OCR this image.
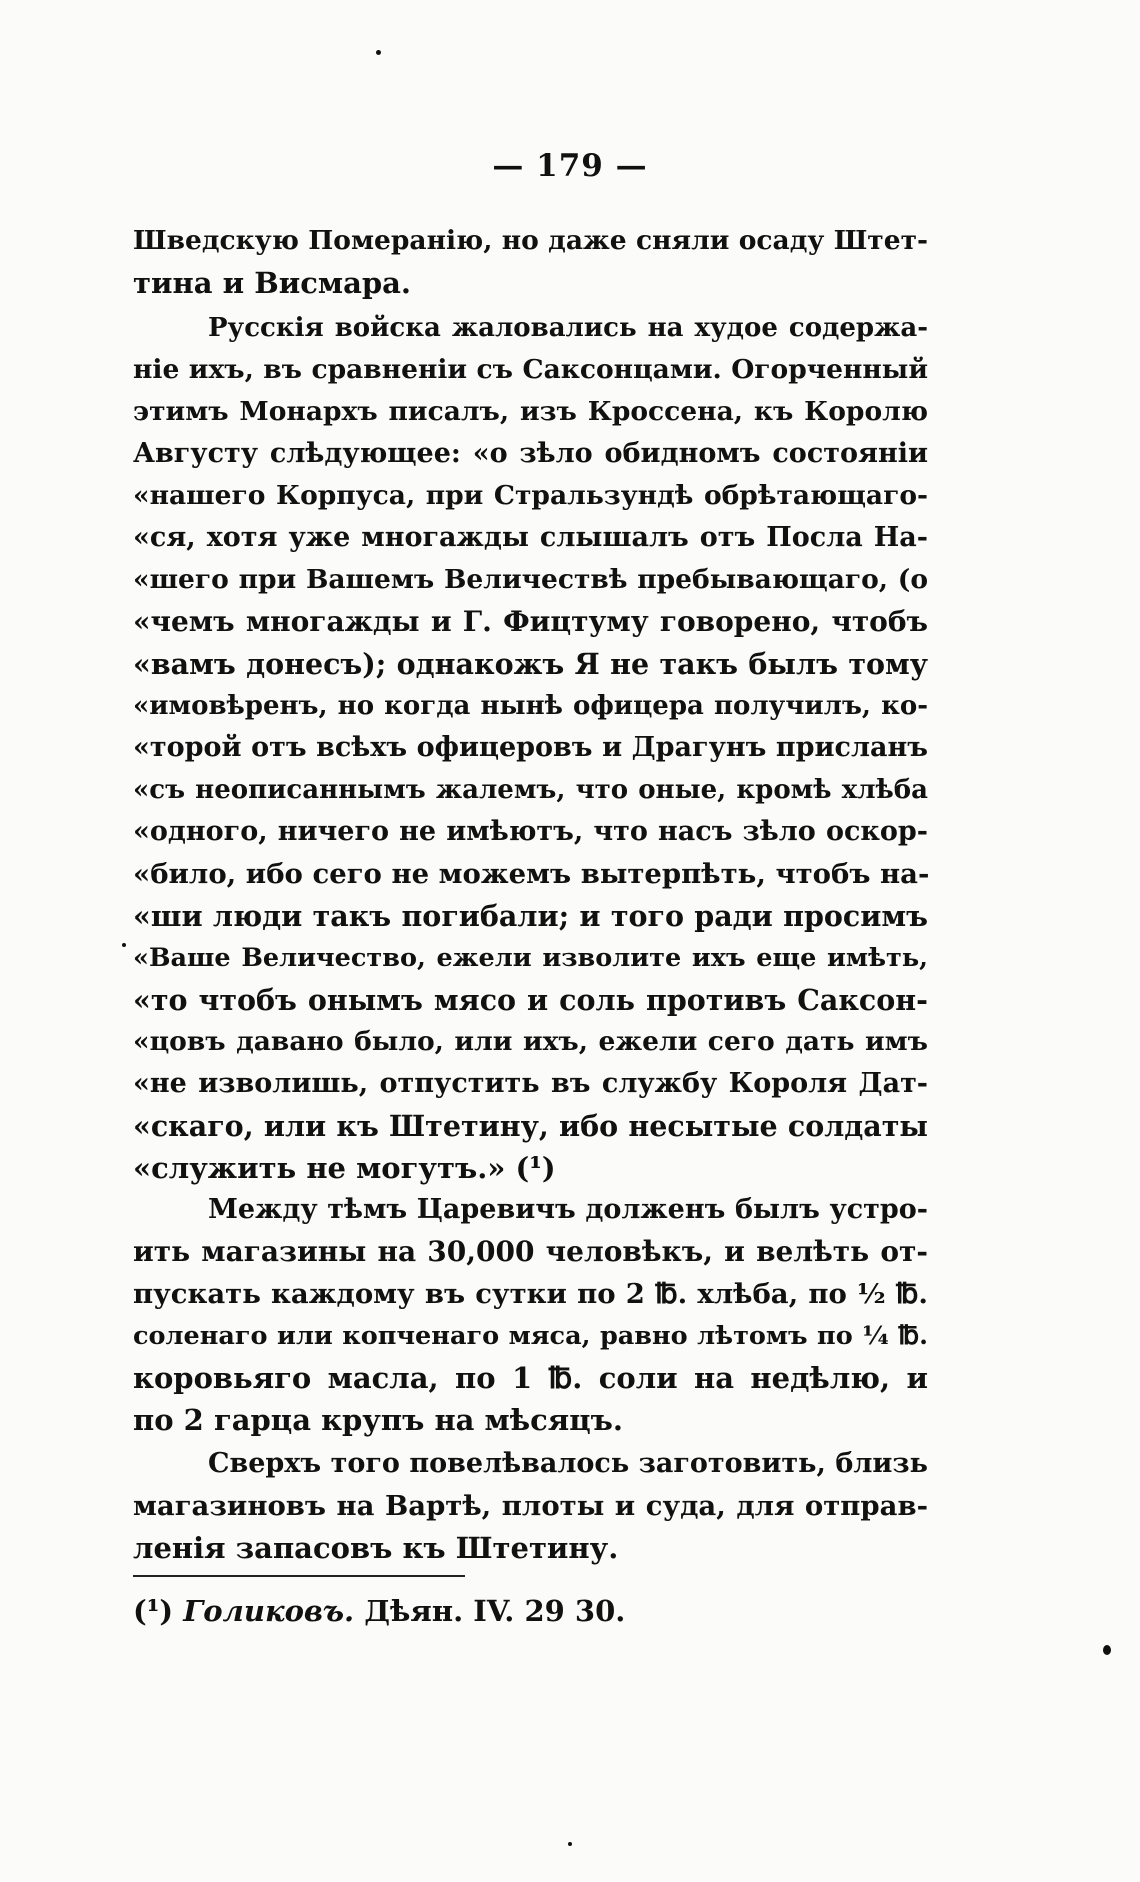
— 179 —
Шведскую Померанію, но даже сняли осаду Штет-
тина и Висмара.
Русскія войска жаловались на худое содержа-
ніе ихъ, въ сравненіи съ Саксонцами. Огорченный
этимъ Монархъ писалъ, изъ Кроссена, къ Королю
Августу слѣдующее: «о зѣло обидномъ состояніи
«нашего Корпуса, при Стральзундѣ обрѣтающаго-
«ся, хотя уже многажды слышалъ отъ Посла На-
«шего при Вашемъ Величествѣ пребывающаго, (о
«чемъ многажды и Г. Фицтуму говорено, чтобъ
«вамъ донесъ); однакожъ Я не такъ былъ тому
«имовѣренъ, но когда нынѣ офицера получилъ, ко-
«торой отъ всѣхъ офицеровъ и Драгунъ присланъ
«съ неописаннымъ жалемъ, что оные, кромѣ хлѣба
«одного, ничего не имѣютъ, что насъ зѣло оскор-
«било, ибо сего не можемъ вытерпѣть, чтобъ на-
«ши люди такъ погибали; и того ради просимъ
«Ваше Величество, ежели изволите ихъ еще имѣть,
«то чтобъ онымъ мясо и соль противъ Саксон-
«цовъ давано было, или ихъ, ежели сего дать имъ
«не изволишь, отпустить въ службу Короля Дат-
«скаго, или къ Штетину, ибо несытые солдаты
«служить не могутъ.» (¹)
Между тѣмъ Царевичъ долженъ былъ устро-
ить магазины на 30,000 человѣкъ, и велѣть от-
пускать каждому въ сутки по 2 ℔. хлѣба, по ½ ℔.
соленаго или копченаго мяса, равно лѣтомъ по ¼ ℔.
коровьяго масла, по 1 ℔. соли на недѣлю, и
по 2 гарца крупъ на мѣсяцъ.
Сверхъ того повелѣвалось заготовить, близь
магазиновъ на Вартѣ, плоты и суда, для отправ-
ленія запасовъ къ Штетину.
(¹) Голиковъ. Дѣян. IV. 29 30.
